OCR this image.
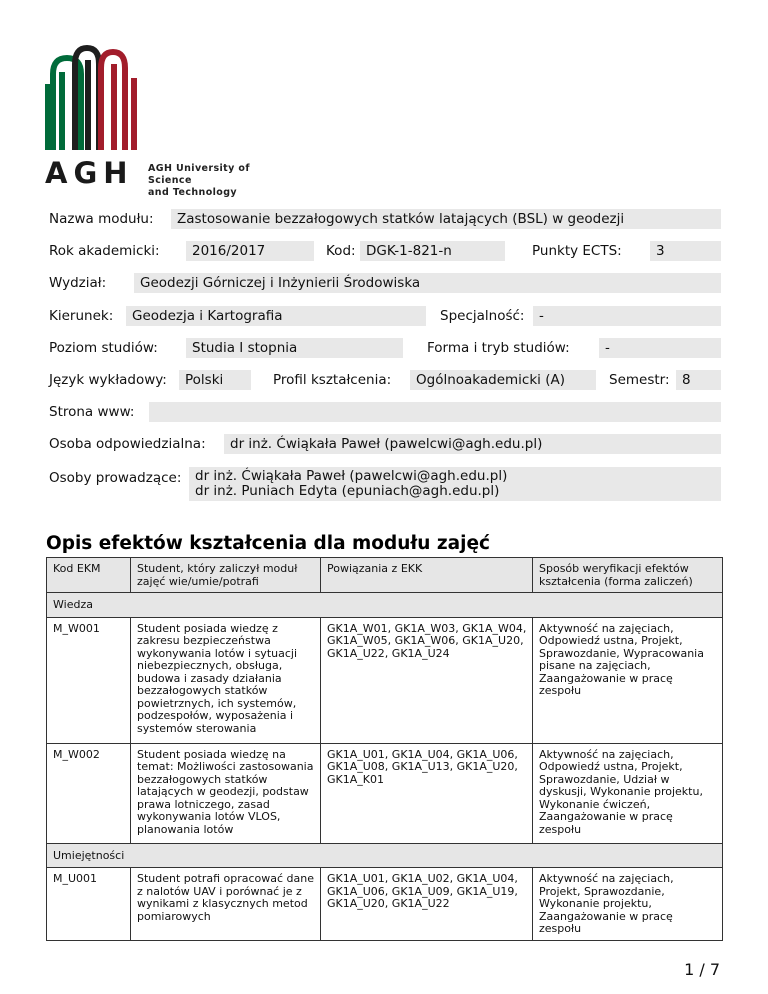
AGH AGH University of Science
and Technology
Nazwa modułu:	Zastosowanie bezzałogowych statków latających (BSL) w geodezji
Rok akademicki:	2016/2017	Kod: DGK-1-821-n	Punkty ECTS:	3
Wydział:	Geodezji Górniczej i Inżynierii Środowiska
Kierunek:	Geodezja i Kartografia	Specjalność:	-
Poziom studiów:	Studia I stopnia	Forma i tryb studiów:	-
Język wykładowy:	Polski	Profil kształcenia:	Ogólnoakademicki (A)	Semestr: 8
Strona www:
Osoba odpowiedzialna:	dr inż. Ćwiąkała Paweł (pawelcwi@agh.edu.pl)
Osoby prowadzące:	dr inż. Ćwiąkała Paweł (pawelcwi@agh.edu.pl)
dr inż. Puniach Edyta (epuniach@agh.edu.pl)
Opis efektów kształcenia dla modułu zajęć
Kod EKM	Student, który zaliczył moduł zajęć wie/umie/potrafi	Powiązania z EKK	Sposób weryfikacji efektów kształcenia (forma zaliczeń)
Wiedza			
M_W001	Student posiada wiedzę z zakresu bezpieczeństwa wykonywania lotów i sytuacji niebezpiecznych, obsługa, budowa i zasady działania bezzałogowych statków powietrznych, ich systemów, podzespołów, wyposażenia i systemów sterowania	GK1A_W01, GK1A_W03, GK1A_W04, GK1A_W05, GK1A_W06, GK1A_U20, GK1A_U22, GK1A_U24	Aktywność na zajęciach, Odpowiedź ustna, Projekt, Sprawozdanie, Wypracowania pisane na zajęciach, Zaangażowanie w pracę zespołu
M_W002	Student posiada wiedzę na temat: Możliwości zastosowania bezzałogowych statków latających w geodezji, podstaw prawa lotniczego, zasad wykonywania lotów VLOS, planowania lotów	GK1A_U01, GK1A_U04, GK1A_U06, GK1A_U08, GK1A_U13, GK1A_U20, GK1A_K01	Aktywność na zajęciach, Odpowiedź ustna, Projekt, Sprawozdanie, Udział w dyskusji, Wykonanie projektu, Wykonanie ćwiczeń, Zaangażowanie w pracę zespołu
Umiejętności			
M_U001	Student potrafi opracować dane z nalotów UAV i porównać je z wynikami z klasycznych metod pomiarowych	GK1A_U01, GK1A_U02, GK1A_U04, GK1A_U06, GK1A_U09, GK1A_U19, GK1A_U20, GK1A_U22	Aktywność na zajęciach, Projekt, Sprawozdanie, Wykonanie projektu, Zaangażowanie w pracę zespołu
1 / 7
